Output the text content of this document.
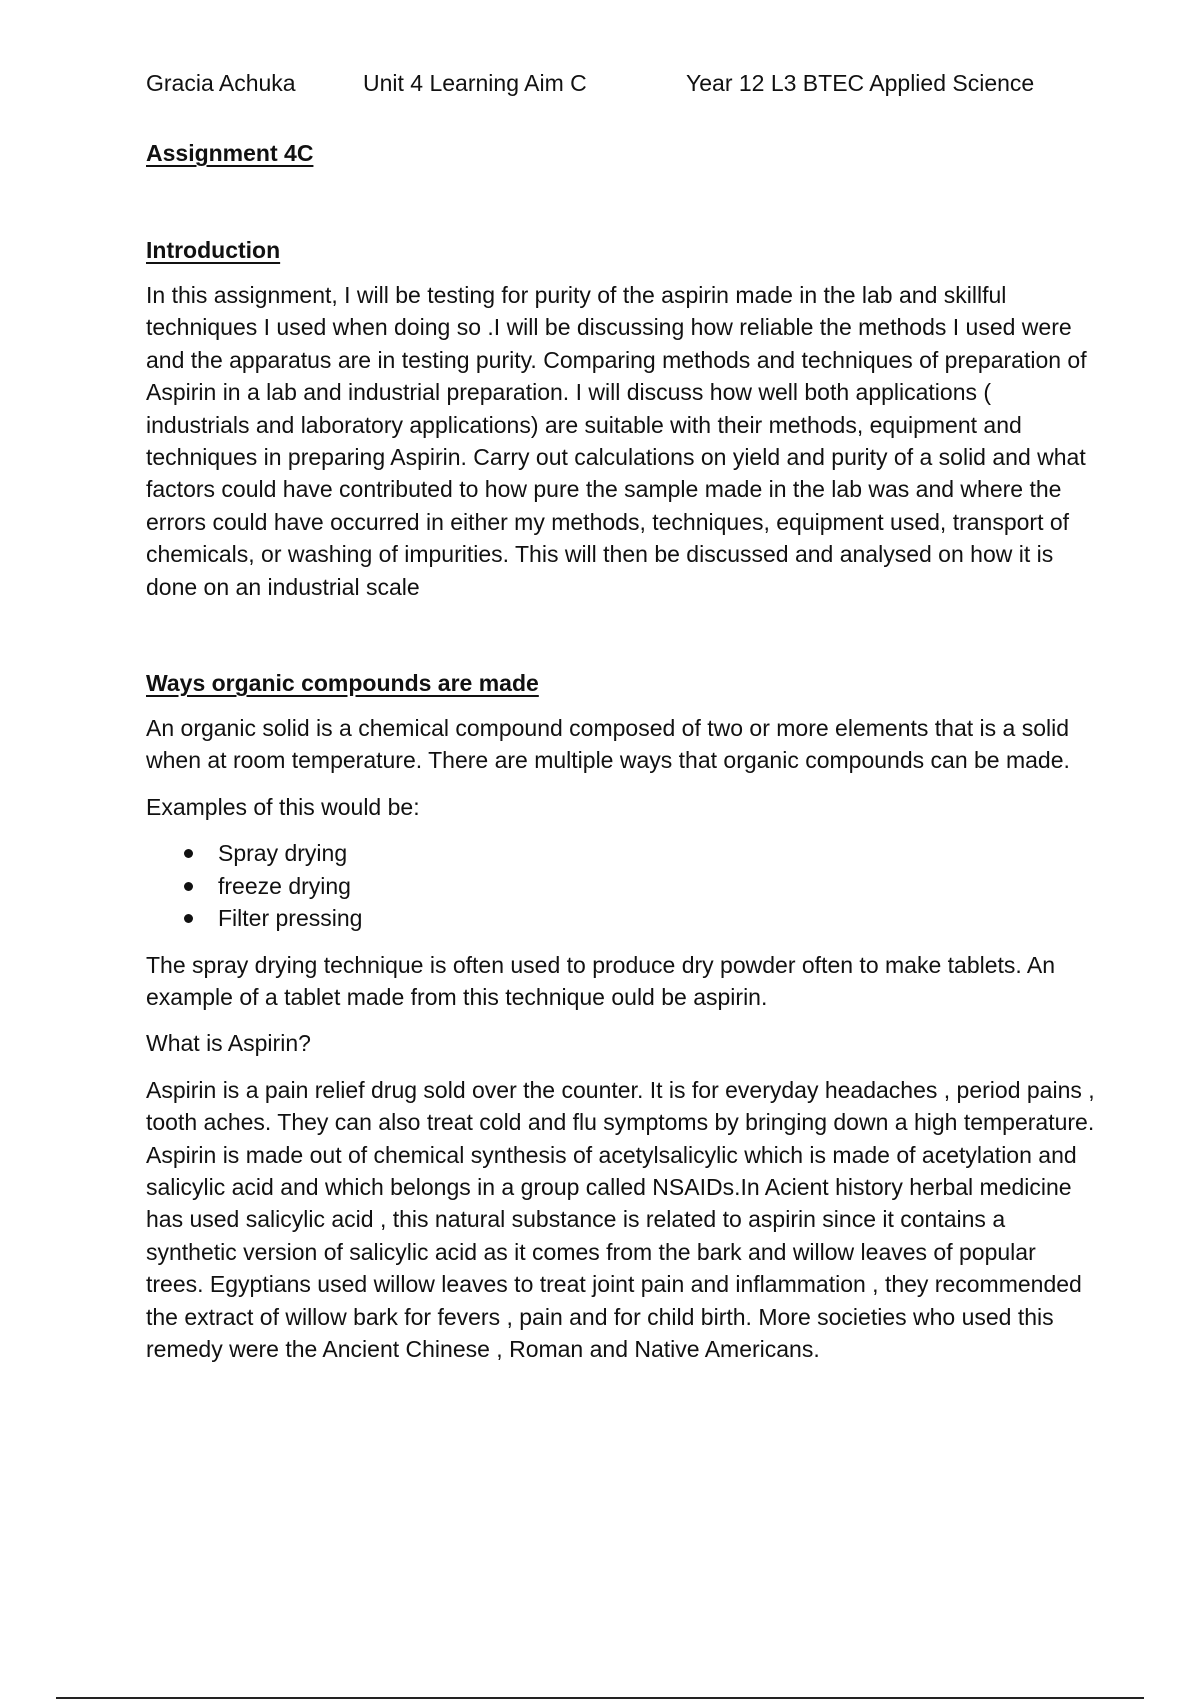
Gracia Achuka	Unit 4 Learning Aim C	Year 12 L3 BTEC Applied Science
Assignment 4C
Introduction

In this assignment, I will be testing for purity of the aspirin made in the lab and skillful techniques I used when doing so .I will be discussing how reliable the methods I used were and the apparatus are in testing purity. Comparing methods and techniques of preparation of Aspirin in a lab and industrial preparation. I will discuss how well both applications ( industrials and laboratory applications) are suitable with their methods, equipment and techniques in preparing Aspirin. Carry out calculations on yield and purity of a solid and what factors could have contributed to how pure the sample made in the lab was and where the errors could have occurred in either my methods, techniques, equipment used, transport of chemicals, or washing of impurities. This will then be discussed and analysed on how it is done on an industrial scale

Ways organic compounds are made

An organic solid is a chemical compound composed of two or more elements that is a solid when at room temperature. There are multiple ways that organic compounds can be made.

Examples of this would be:

Spray drying
freeze drying
Filter pressing

The spray drying technique is often used to produce dry powder often to make tablets. An example of a tablet made from this technique ould be aspirin.

What is Aspirin?

Aspirin is a pain relief drug sold over the counter. It is for everyday headaches , period pains , tooth aches. They can also treat cold and flu symptoms by bringing down a high temperature. Aspirin is made out of chemical synthesis of acetylsalicylic which is made of acetylation and salicylic acid and which belongs in a group called NSAIDs.In Acient history herbal medicine has used salicylic acid , this natural substance is related to aspirin since it contains a synthetic version of salicylic acid as it comes from the bark and willow leaves of popular trees. Egyptians used willow leaves to treat joint pain and inflammation , they recommended the extract of willow bark for fevers , pain and for child birth. More societies who used this remedy were the Ancient Chinese , Roman and Native Americans.
